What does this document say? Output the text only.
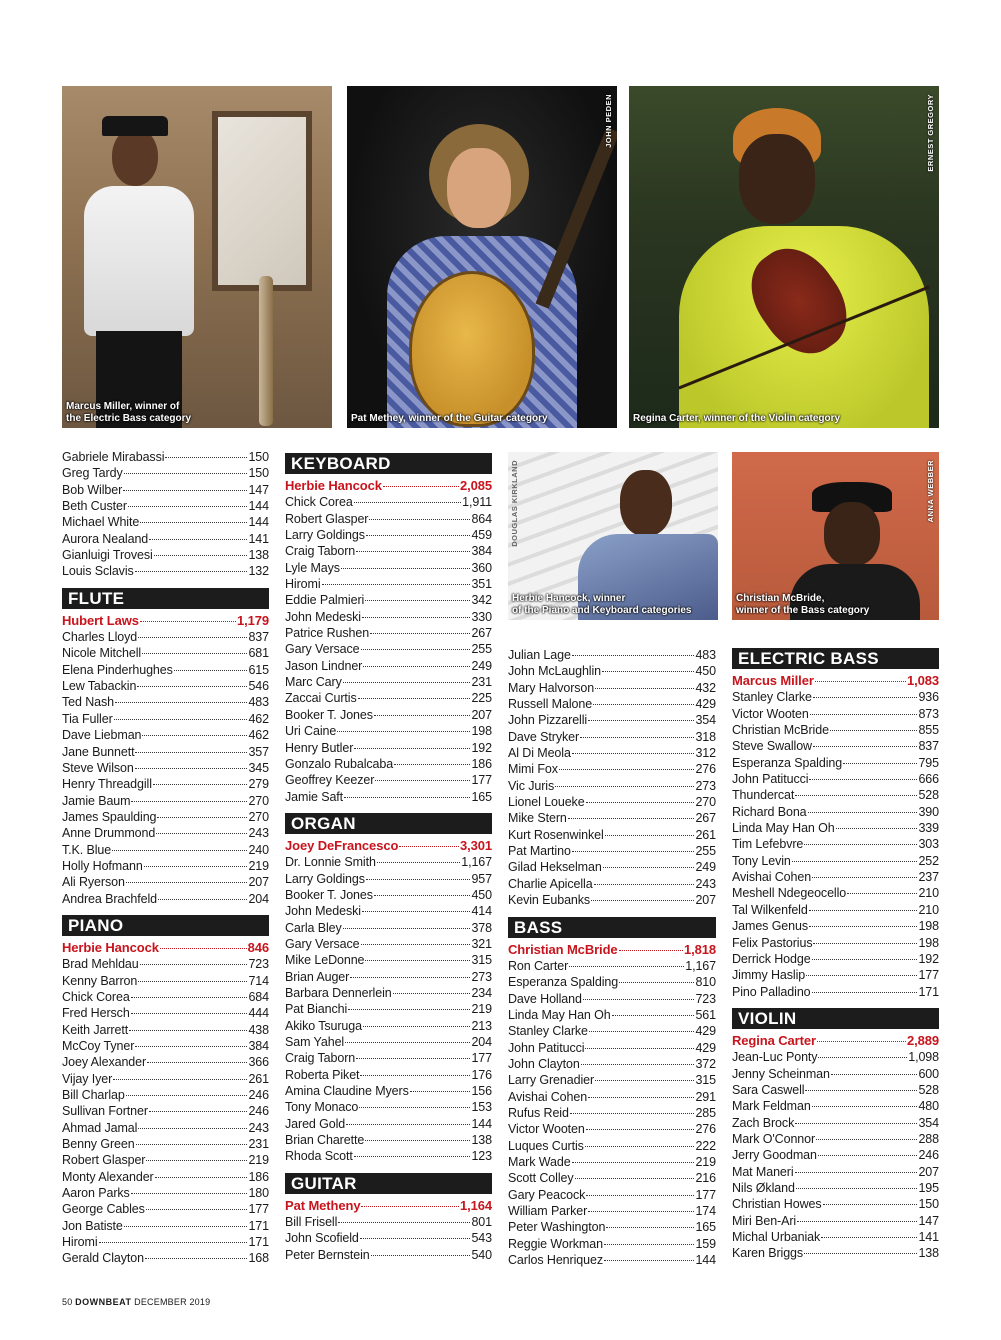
Marcus Miller, winner of
the Electric Bass category	Pat Methey, winner of the Guitar category
JOHN PEDEN
Regina Carter, winner of the Violin category
ERNEST GREGORY
Herbie Hancock, winner
of the Piano and Keyboard categories
DOUGLAS KIRKLAND
Christian McBride,
winner of the Bass category
ANNA WEBBER
Gabriele Mirabassi	150
Greg Tardy	150
Bob Wilber	147
Beth Custer	144
Michael White	144
Aurora Nealand	141
Gianluigi Trovesi	138
Louis Sclavis	132
FLUTE
Hubert Laws	1,179
Charles Lloyd	837
Nicole Mitchell	681
Elena Pinderhughes	615
Lew Tabackin	546
Ted Nash	483
Tia Fuller	462
Dave Liebman	462
Jane Bunnett	357
Steve Wilson	345
Henry Threadgill	279
Jamie Baum	270
James Spaulding	270
Anne Drummond	243
T.K. Blue	240
Holly Hofmann	219
Ali Ryerson	207
Andrea Brachfeld	204
PIANO
Herbie Hancock	846
Brad Mehldau	723
Kenny Barron	714
Chick Corea	684
Fred Hersch	444
Keith Jarrett	438
McCoy Tyner	384
Joey Alexander	366
Vijay Iyer	261
Bill Charlap	246
Sullivan Fortner	246
Ahmad Jamal	243
Benny Green	231
Robert Glasper	219
Monty Alexander	186
Aaron Parks	180
George Cables	177
Jon Batiste	171
Hiromi	171
Gerald Clayton	168
KEYBOARD
Herbie Hancock	2,085
Chick Corea	1,911
Robert Glasper	864
Larry Goldings	459
Craig Taborn	384
Lyle Mays	360
Hiromi	351
Eddie Palmieri	342
John Medeski	330
Patrice Rushen	267
Gary Versace	255
Jason Lindner	249
Marc Cary	231
Zaccai Curtis	225
Booker T. Jones	207
Uri Caine	198
Henry Butler	192
Gonzalo Rubalcaba	186
Geoffrey Keezer	177
Jamie Saft	165
ORGAN
Joey DeFrancesco	3,301
Dr. Lonnie Smith	1,167
Larry Goldings	957
Booker T. Jones	450
John Medeski	414
Carla Bley	378
Gary Versace	321
Mike LeDonne	315
Brian Auger	273
Barbara Dennerlein	234
Pat Bianchi	219
Akiko Tsuruga	213
Sam Yahel	204
Craig Taborn	177
Roberta Piket	176
Amina Claudine Myers	156
Tony Monaco	153
Jared Gold	144
Brian Charette	138
Rhoda Scott	123
GUITAR
Pat Metheny	1,164
Bill Frisell	801
John Scofield	543
Peter Bernstein	540
Julian Lage	483
John McLaughlin	450
Mary Halvorson	432
Russell Malone	429
John Pizzarelli	354
Dave Stryker	318
Al Di Meola	312
Mimi Fox	276
Vic Juris	273
Lionel Loueke	270
Mike Stern	267
Kurt Rosenwinkel	261
Pat Martino	255
Gilad Hekselman	249
Charlie Apicella	243
Kevin Eubanks	207
BASS
Christian McBride	1,818
Ron Carter	1,167
Esperanza Spalding	810
Dave Holland	723
Linda May Han Oh	561
Stanley Clarke	429
John Patitucci	429
John Clayton	372
Larry Grenadier	315
Avishai Cohen	291
Rufus Reid	285
Victor Wooten	276
Luques Curtis	222
Mark Wade	219
Scott Colley	216
Gary Peacock	177
William Parker	174
Peter Washington	165
Reggie Workman	159
Carlos Henriquez	144
ELECTRIC BASS
Marcus Miller	1,083
Stanley Clarke	936
Victor Wooten	873
Christian McBride	855
Steve Swallow	837
Esperanza Spalding	795
John Patitucci	666
Thundercat	528
Richard Bona	390
Linda May Han Oh	339
Tim Lefebvre	303
Tony Levin	252
Avishai Cohen	237
Meshell Ndegeocello	210
Tal Wilkenfeld	210
James Genus	198
Felix Pastorius	198
Derrick Hodge	192
Jimmy Haslip	177
Pino Palladino	171
VIOLIN
Regina Carter	2,889
Jean-Luc Ponty	1,098
Jenny Scheinman	600
Sara Caswell	528
Mark Feldman	480
Zach Brock	354
Mark O'Connor	288
Jerry Goodman	246
Mat Maneri	207
Nils Økland	195
Christian Howes	150
Miri Ben-Ari	147
Michal Urbaniak	141
Karen Briggs	138
50 DOWNBEAT DECEMBER 2019
